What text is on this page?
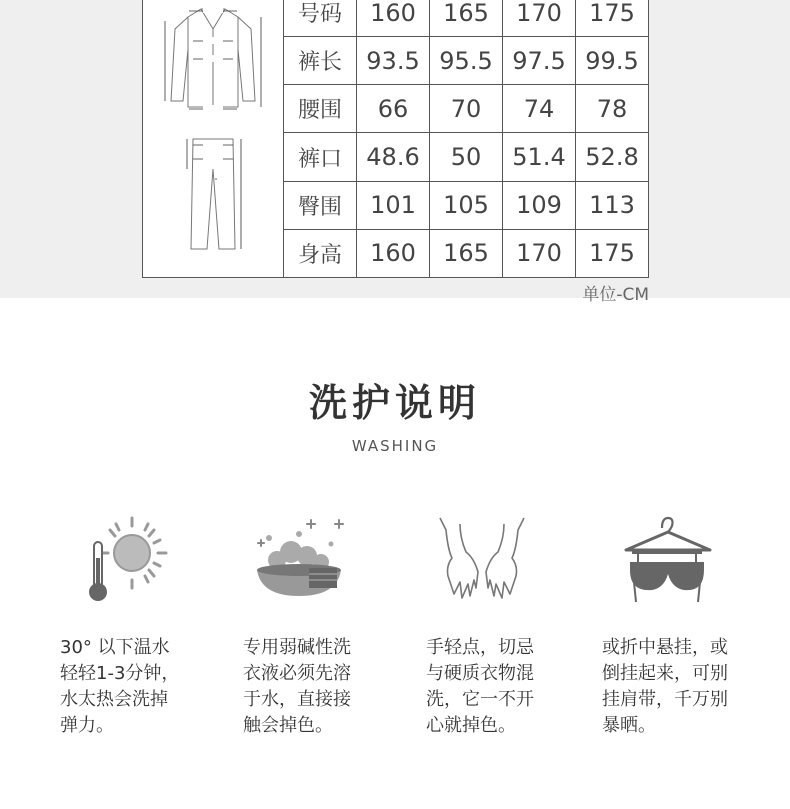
	号码	160	165	170	175
	裤长	93.5	95.5	97.5	99.5
	腰围	66	70	74	78
	裤口	48.6	50	51.4	52.8
	臀围	101	105	109	113
	身高	160	165	170	175
单位-CM
洗护说明
WASHING
30° 以下温水
轻轻1-3分钟，
水太热会洗掉
弹力。
专用弱碱性洗
衣液必须先溶
于水，直接接
触会掉色。
手轻点，切忌
与硬质衣物混
洗，它一不开
心就掉色。
或折中悬挂，或
倒挂起来，可别
挂肩带，千万别
暴晒。
